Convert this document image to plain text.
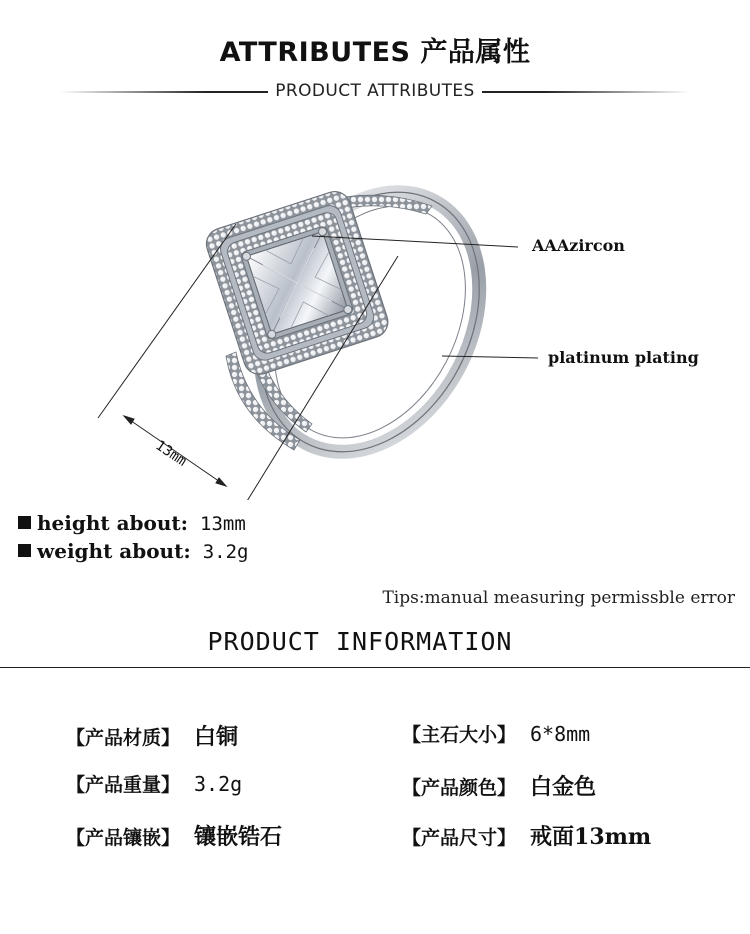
ATTRIBUTES 产品属性
PRODUCT ATTRIBUTES
13mm
AAAzircon
platinum plating
height about: 13mm
weight about: 3.2g
Tips:manual measuring permissble error
PRODUCT INFORMATION
【产品材质】 白铜	【主石大小】 6*8mm
【产品重量】 3.2g	【产品颜色】 白金色
【产品镶嵌】 镶嵌锆石	【产品尺寸】 戒面13mm
